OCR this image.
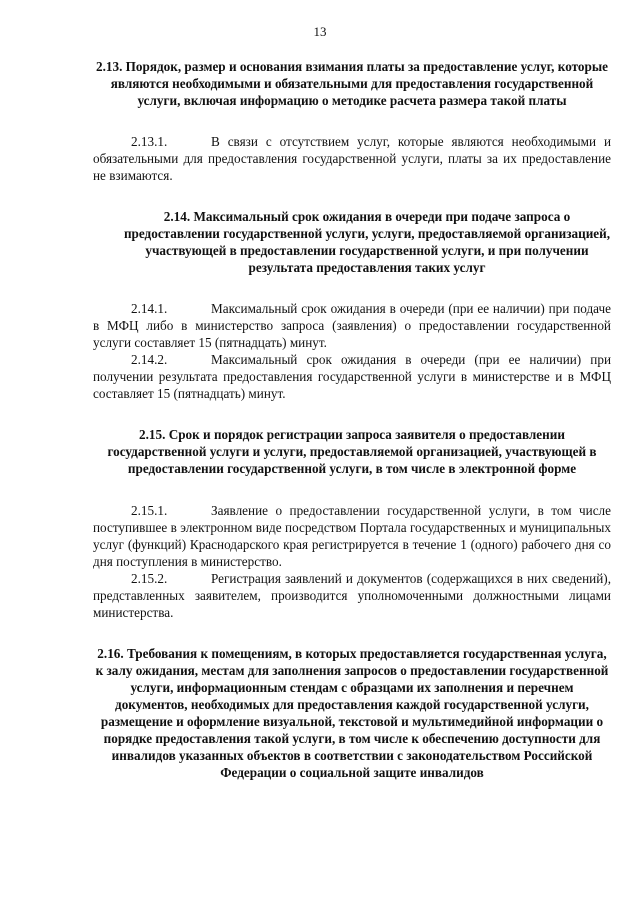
13
2.13. Порядок, размер и основания взимания платы за предоставление услуг, которые являются необходимыми и обязательными для предоставления государственной услуги, включая информацию о методике расчета размера такой платы

2.13.1.	В связи с отсутствием услуг, которые являются необходимыми и обязательными для предоставления государственной услуги, платы за их предоставление не взимаются.

2.14. Максимальный срок ожидания в очереди при подаче запроса о предоставлении государственной услуги, услуги, предоставляемой организацией, участвующей в предоставлении государственной услуги, и при получении результата предоставления таких услуг

2.14.1.	Максимальный срок ожидания в очереди (при ее наличии) при подаче в МФЦ либо в министерство запроса (заявления) о предоставлении государственной услуги составляет 15 (пятнадцать) минут.

2.14.2.	Максимальный срок ожидания в очереди (при ее наличии) при получении результата предоставления государственной услуги в министерстве и в МФЦ составляет 15 (пятнадцать) минут.

2.15. Срок и порядок регистрации запроса заявителя о предоставлении государственной услуги и услуги, предоставляемой организацией, участвующей в предоставлении государственной услуги, в том числе в электронной форме

2.15.1.	Заявление о предоставлении государственной услуги, в том числе поступившее в электронном виде посредством Портала государственных и муниципальных услуг (функций) Краснодарского края регистрируется в течение 1 (одного) рабочего дня со дня поступления в министерство.

2.15.2.	Регистрация заявлений и документов (содержащихся в них сведений), представленных заявителем, производится уполномоченными должностными лицами министерства.

2.16. Требования к помещениям, в которых предоставляется государственная услуга, к залу ожидания, местам для заполнения запросов о предоставлении государственной услуги, информационным стендам с образцами их заполнения и перечнем документов, необходимых для предоставления каждой государственной услуги, размещение и оформление визуальной, текстовой и мультимедийной информации о порядке предоставления такой услуги, в том числе к обеспечению доступности для инвалидов указанных объектов в соответствии с законодательством Российской Федерации о социальной защите инвалидов
